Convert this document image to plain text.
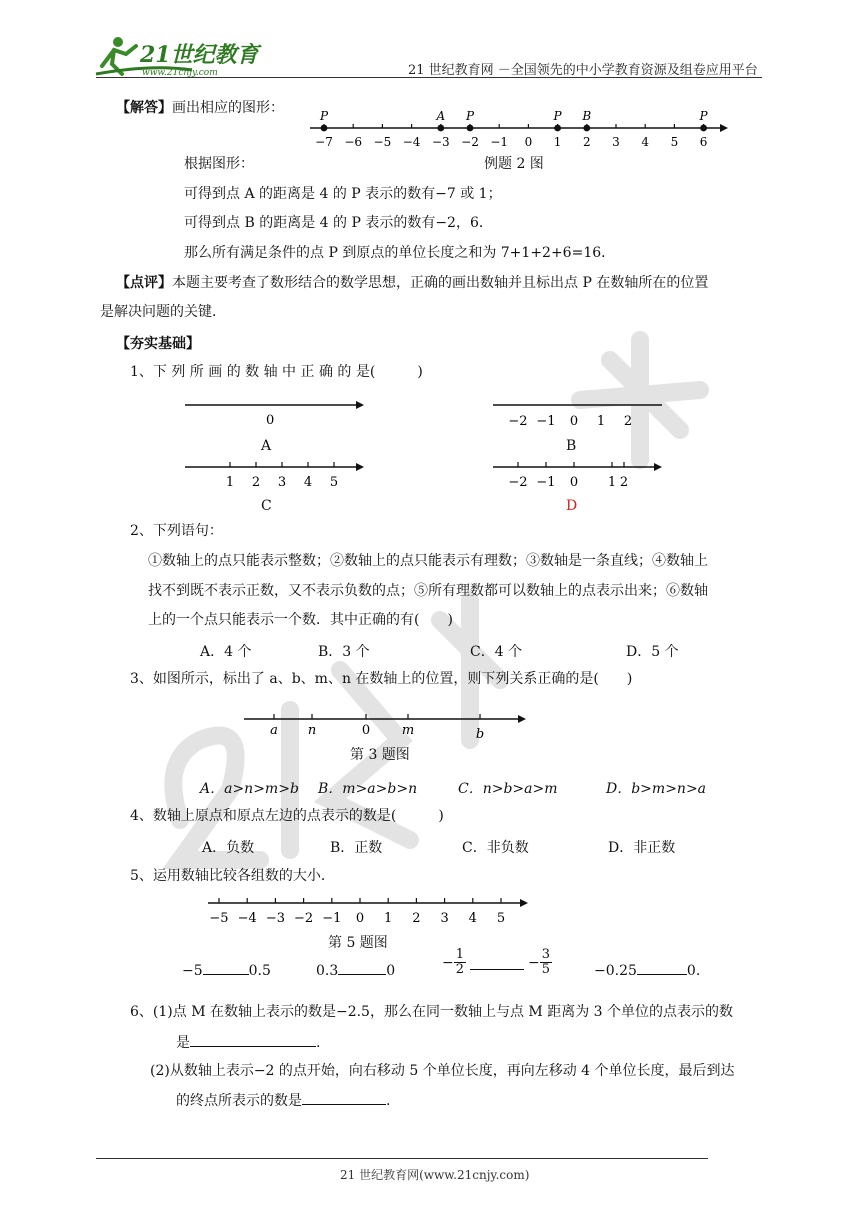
21世纪教育
www.21cnjy.com	21 世纪教育网 －全国领先的中小学教育资源及组卷应用平台
【解答】画出相应的图形：
−7 −6 −5 −4 −3 −2 −1 0 1 2 3 4 5 6
P	A P	P B	P
根据图形：	例题 2 图
可得到点 A 的距离是 4 的 P 表示的数有−7 或 1；
可得到点 B 的距离是 4 的 P 表示的数有−2，6．
那么所有满足条件的点 P 到原点的单位长度之和为 7+1+2+6=16．
【点评】本题主要考查了数形结合的数学思想，正确的画出数轴并且标出点 P 在数轴所在的位置
是解决问题的关键．
【夯实基础】
1、下 列 所 画 的 数 轴 中 正 确 的 是(　　　)
0
A
−2 −1 0 1 2
B
1 2 3 4 5
C
−2 −1 0 1 2
D
2、下列语句：
①数轴上的点只能表示整数；②数轴上的点只能表示有理数；③数轴是一条直线；④数轴上
找不到既不表示正数，又不表示负数的点；⑤所有理数都可以数轴上的点表示出来；⑥数轴
上的一个点只能表示一个数．其中正确的有(　　)
A．4 个	B．3 个	C．4 个	D．5 个
3、如图所示，标出了 a、b、m、n 在数轴上的位置，则下列关系正确的是(　　)
a n	0 m	b
第 3 题图
A．a>n>m>b B．m>a>b>n	C．n>b>a>m	D．b>m>n>a
4、数轴上原点和原点左边的点表示的数是(　　　)
A．负数	B．正数	C．非负数	D．非正数
5、运用数轴比较各组数的大小．
−5 −4 −3 −2 −1 0 1 2 3 4 5
第 5 题图
−5	0.5	0.3	0
− $\frac{1}{2}$	− $\frac{3}{5}$	−0.25	0.
6、(1)点 M 在数轴上表示的数是−2.5，那么在同一数轴上与点 M 距离为 3 个单位的点表示的数
是	.
(2)从数轴上表示−2 的点开始，向右移动 5 个单位长度，再向左移动 4 个单位长度，最后到达
的终点所表示的数是	.
21 世纪教育网(www.21cnjy.com)
